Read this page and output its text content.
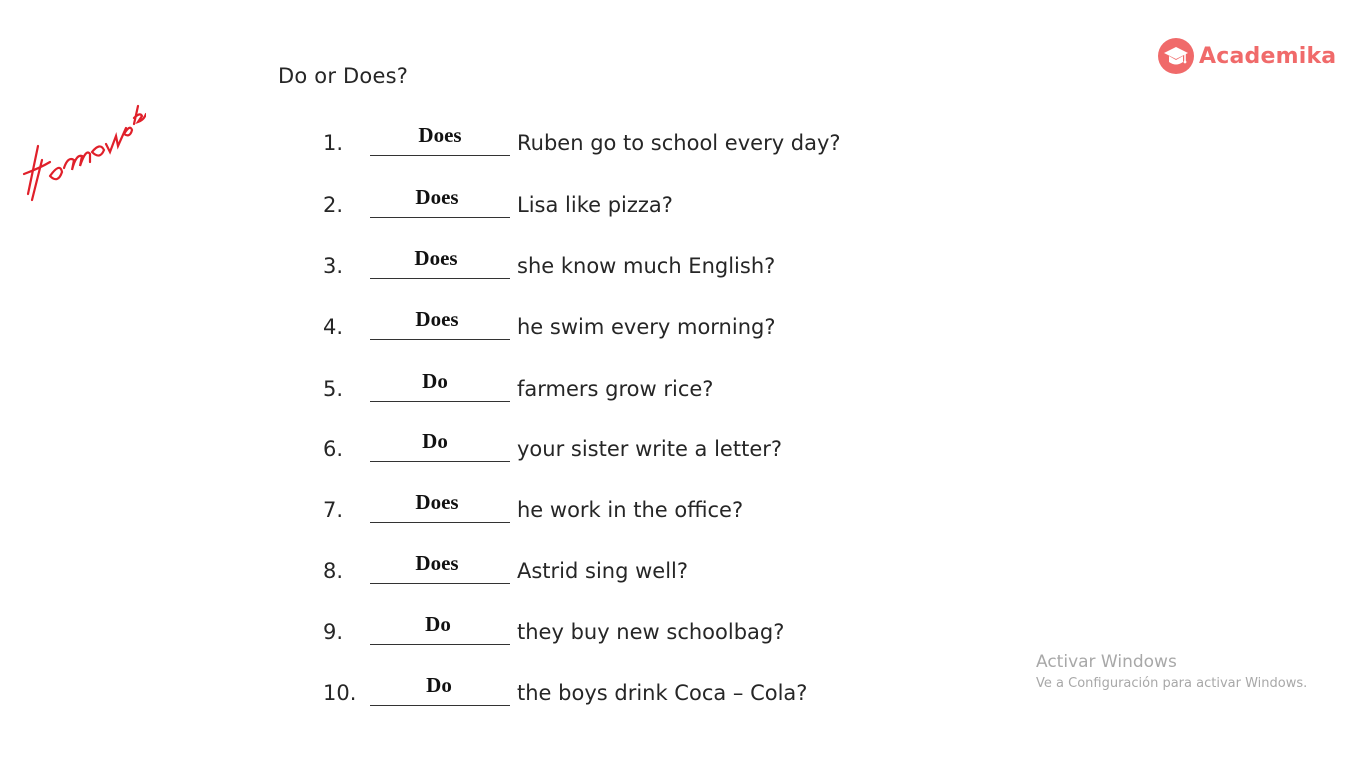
Do or Does?
Academika
1.	Does	Ruben go to school every day?
2.	Does	Lisa like pizza?
3.	Does	she know much English?
4.	Does	he swim every morning?
5.	Do	farmers grow rice?
6.	Do	your sister write a letter?
7.	Does	he work in the office?
8.	Does	Astrid sing well?
9.	Do	they buy new schoolbag?
10.	Do	the boys drink Coca – Cola?
Activar Windows
Ve a Configuración para activar Windows.
